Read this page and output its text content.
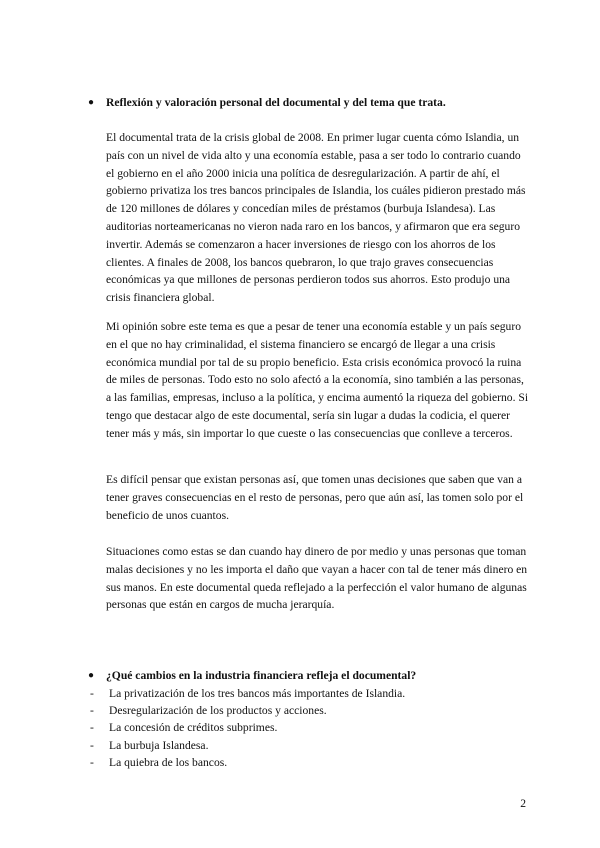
● Reflexión y valoración personal del documental y del tema que trata.

El documental trata de la crisis global de 2008. En primer lugar cuenta cómo Islandia, un país con un nivel de vida alto y una economía estable, pasa a ser todo lo contrario cuando el gobierno en el año 2000 inicia una política de desregularización. A partir de ahí, el gobierno privatiza los tres bancos principales de Islandia, los cuáles pidieron prestado más de 120 millones de dólares y concedían miles de préstamos (burbuja Islandesa). Las auditorias norteamericanas no vieron nada raro en los bancos, y afirmaron que era seguro invertir. Además se comenzaron a hacer inversiones de riesgo con los ahorros de los clientes. A finales de 2008, los bancos quebraron, lo que trajo graves consecuencias económicas ya que millones de personas perdieron todos sus ahorros. Esto produjo una crisis financiera global.

Mi opinión sobre este tema es que a pesar de tener una economía estable y un país seguro en el que no hay criminalidad, el sistema financiero se encargó de llegar a una crisis económica mundial por tal de su propio beneficio. Esta crisis económica provocó la ruina de miles de personas. Todo esto no solo afectó a la economía, sino también a las personas, a las familias, empresas, incluso a la política, y encima aumentó la riqueza del gobierno. Si tengo que destacar algo de este documental, sería sin lugar a dudas la codicia, el querer tener más y más, sin importar lo que cueste o las consecuencias que conlleve a terceros.

Es difícil pensar que existan personas así, que tomen unas decisiones que saben que van a tener graves consecuencias en el resto de personas, pero que aún así, las tomen solo por el beneficio de unos cuantos.

Situaciones como estas se dan cuando hay dinero de por medio y unas personas que toman malas decisiones y no les importa el daño que vayan a hacer con tal de tener más dinero en sus manos. En este documental queda reflejado a la perfección el valor humano de algunas personas que están en cargos de mucha jerarquía.

● ¿Qué cambios en la industria financiera refleja el documental?
- La privatización de los tres bancos más importantes de Islandia.
- Desregularización de los productos y acciones.
- La concesión de créditos subprimes.
- La burbuja Islandesa.
- La quiebra de los bancos.
2
